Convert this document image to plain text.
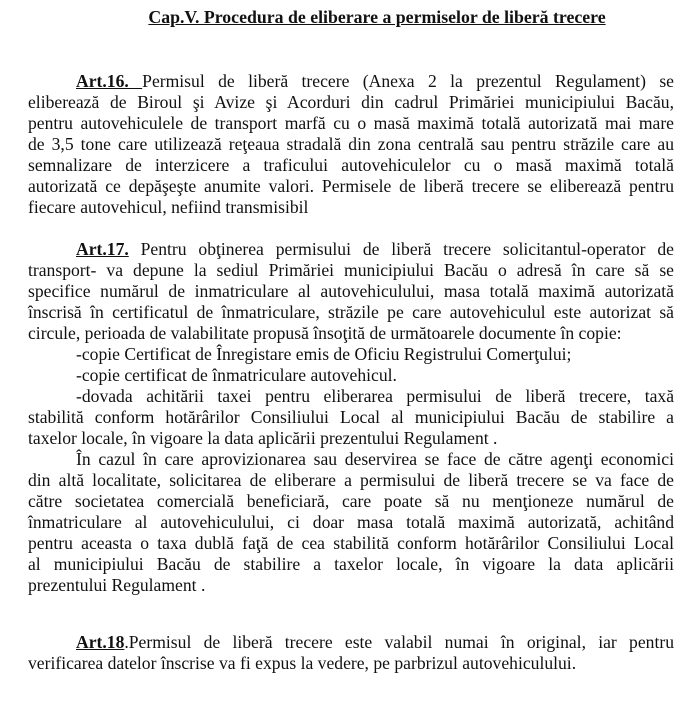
Cap.V. Procedura de eliberare a permiselor de liberă trecere
Art.16. Permisul de liberă trecere (Anexa 2 la prezentul Regulament) se
eliberează de Biroul şi Avize şi Acorduri din cadrul Primăriei municipiului Bacău,
pentru autovehiculele de transport marfă cu o masă maximă totală autorizată mai mare
de 3,5 tone care utilizează reţeaua stradală din zona centrală sau pentru străzile care au
semnalizare de interzicere a traficului autovehiculelor cu o masă maximă totală
autorizată ce depăşeşte anumite valori. Permisele de liberă trecere se eliberează pentru
fiecare autovehicul, nefiind transmisibil
Art.17. Pentru obţinerea permisului de liberă trecere solicitantul-operator de
transport- va depune la sediul Primăriei municipiului Bacău o adresă în care să se
specifice numărul de inmatriculare al autovehiculului, masa totală maximă autorizată
înscrisă în certificatul de înmatriculare, străzile pe care autovehiculul este autorizat să
circule, perioada de valabilitate propusă însoţită de următoarele documente în copie:
-copie Certificat de Înregistare emis de Oficiu Registrului Comerţului;
-copie certificat de înmatriculare autovehicul.
-dovada achitării taxei pentru eliberarea permisului de liberă trecere, taxă
stabilită conform hotărârilor Consiliului Local al municipiului Bacău de stabilire a
taxelor locale, în vigoare la data aplicării prezentului Regulament .
În cazul în care aprovizionarea sau deservirea se face de către agenţi economici
din altă localitate, solicitarea de eliberare a permisului de liberă trecere se va face de
către societatea comercială beneficiară, care poate să nu menţioneze numărul de
înmatriculare al autovehiculului, ci doar masa totală maximă autorizată, achitând
pentru aceasta o taxa dublă faţă de cea stabilită conform hotărârilor Consiliului Local
al municipiului Bacău de stabilire a taxelor locale, în vigoare la data aplicării
prezentului Regulament .
Art.18.Permisul de liberă trecere este valabil numai în original, iar pentru
verificarea datelor înscrise va fi expus la vedere, pe parbrizul autovehiculului.
